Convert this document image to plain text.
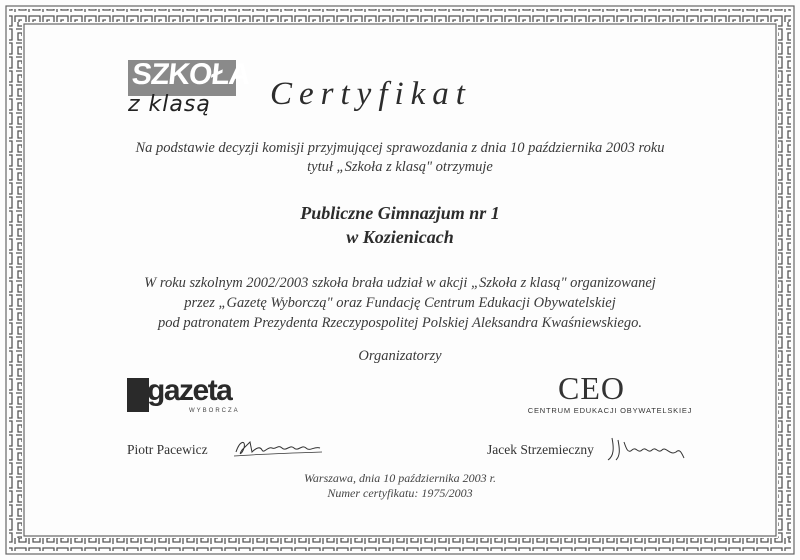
SZKOŁA
z klasą Certyfikat
Na podstawie decyzji komisji przyjmującej sprawozdania z dnia 10 października 2003 roku
tytuł „Szkoła z klasą" otrzymuje
Publiczne Gimnazjum nr 1
w Kozienicach
W roku szkolnym 2002/2003 szkoła brała udział w akcji „Szkoła z klasą" organizowanej
przez „Gazetę Wyborczą" oraz Fundację Centrum Edukacji Obywatelskiej
pod patronatem Prezydenta Rzeczypospolitej Polskiej Aleksandra Kwaśniewskiego.
Organizatorzy
gazeta
WYBORCZA
CEO
CENTRUM EDUKACJI OBYWATELSKIEJ
Piotr Pacewicz	Jacek Strzemieczny
Warszawa, dnia 10 października 2003 r.
Numer certyfikatu: 1975/2003
